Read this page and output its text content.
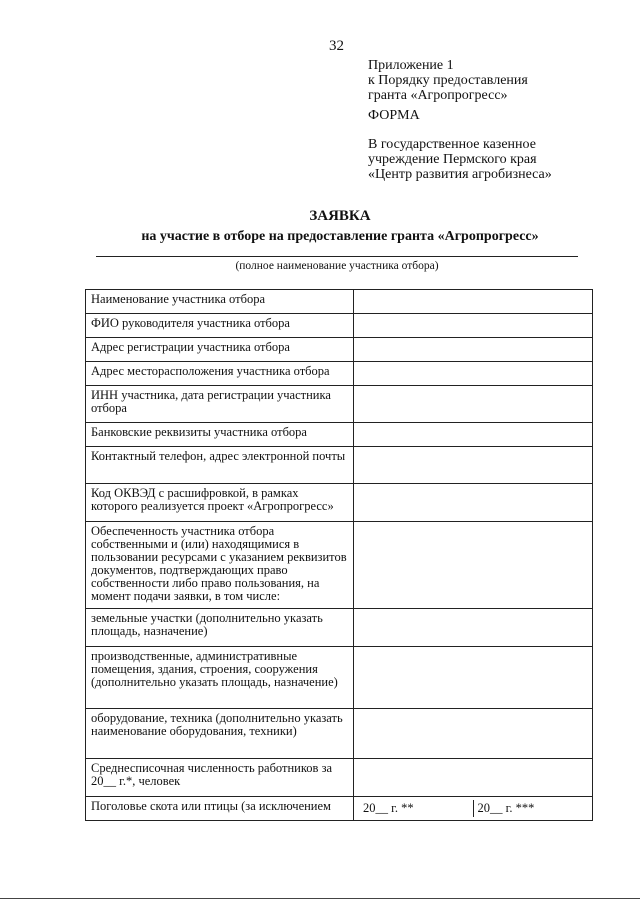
32
Приложение 1
к Порядку предоставления
гранта «Агропрогресс»
ФОРМА
В государственное казенное
учреждение Пермского края
«Центр развития агробизнеса»
ЗАЯВКА
на участие в отборе на предоставление гранта «Агропрогресс»
(полное наименование участника отбора)
Наименование участника отбора	
ФИО руководителя участника отбора	
Адрес регистрации участника отбора	
Адрес месторасположения участника отбора	
ИНН участника, дата регистрации участника отбора	
Банковские реквизиты участника отбора	
Контактный телефон, адрес электронной почты	
Код ОКВЭД с расшифровкой, в рамках которого реализуется проект «Агропрогресс»	
Обеспеченность участника отбора собственными и (или) находящимися в пользовании ресурсами с указанием реквизитов документов, подтверждающих право собственности либо право пользования, на момент подачи заявки, в том числе:	
земельные участки (дополнительно указать площадь, назначение)	
производственные, административные помещения, здания, строения, сооружения (дополнительно указать площадь, назначение)	
оборудование, техника (дополнительно указать наименование оборудования, техники)	
Среднесписочная численность работников за 20__ г.*, человек	
Поголовье скота или птицы (за исключением	20__ г. ** 20__ г. ***
